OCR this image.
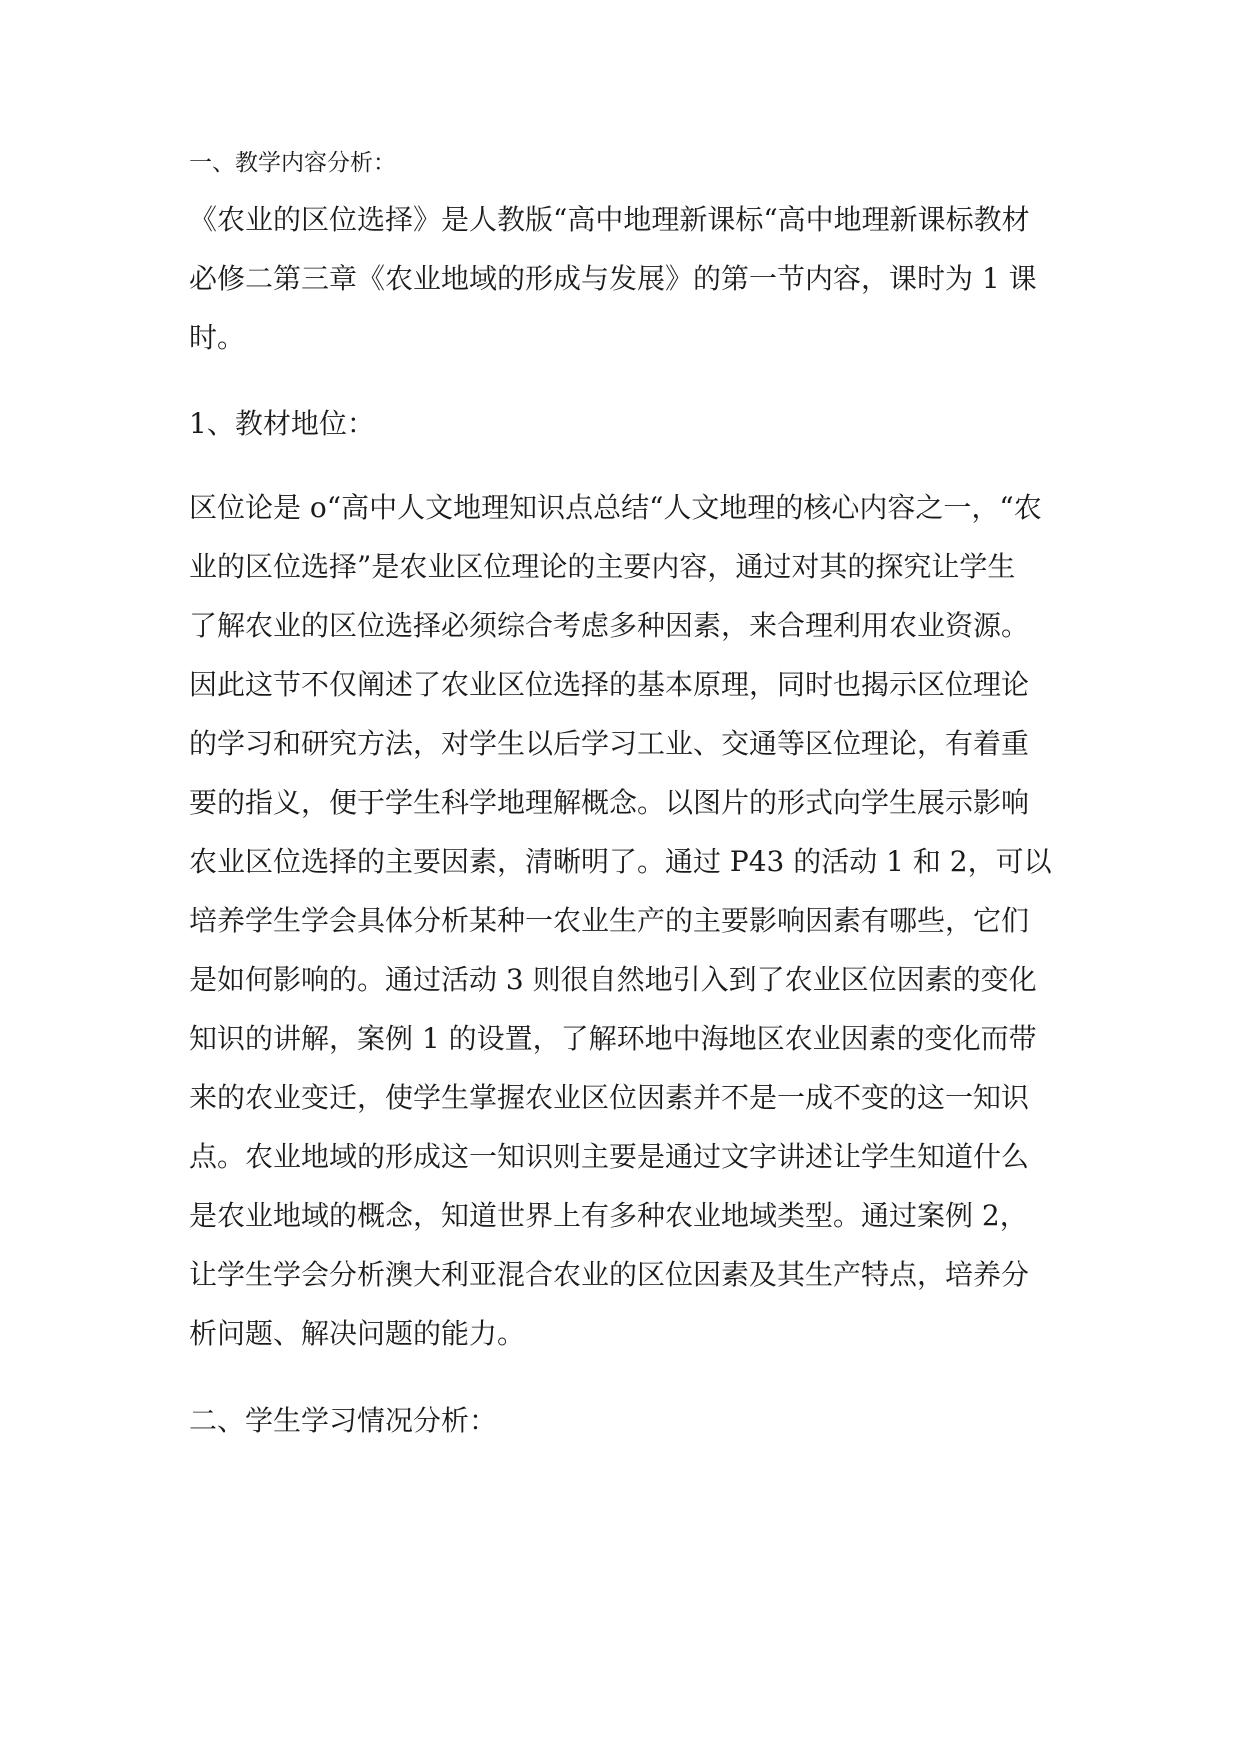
一、教学内容分析：
《农业的区位选择》是人教版“高中地理新课标“高中地理新课标教材
必修二第三章《农业地域的形成与发展》的第一节内容，课时为 1 课
时。
1、教材地位：
区位论是 o“高中人文地理知识点总结“人文地理的核心内容之一，“农
业的区位选择”是农业区位理论的主要内容，通过对其的探究让学生
了解农业的区位选择必须综合考虑多种因素，来合理利用农业资源。
因此这节不仅阐述了农业区位选择的基本原理，同时也揭示区位理论
的学习和研究方法，对学生以后学习工业、交通等区位理论，有着重
要的指义，便于学生科学地理解概念。以图片的形式向学生展示影响
农业区位选择的主要因素，清晰明了。通过 P43 的活动 1 和 2，可以
培养学生学会具体分析某种一农业生产的主要影响因素有哪些，它们
是如何影响的。通过活动 3 则很自然地引入到了农业区位因素的变化
知识的讲解，案例 1 的设置，了解环地中海地区农业因素的变化而带
来的农业变迁，使学生掌握农业区位因素并不是一成不变的这一知识
点。农业地域的形成这一知识则主要是通过文字讲述让学生知道什么
是农业地域的概念，知道世界上有多种农业地域类型。通过案例 2，
让学生学会分析澳大利亚混合农业的区位因素及其生产特点，培养分
析问题、解决问题的能力。
二、学生学习情况分析：
